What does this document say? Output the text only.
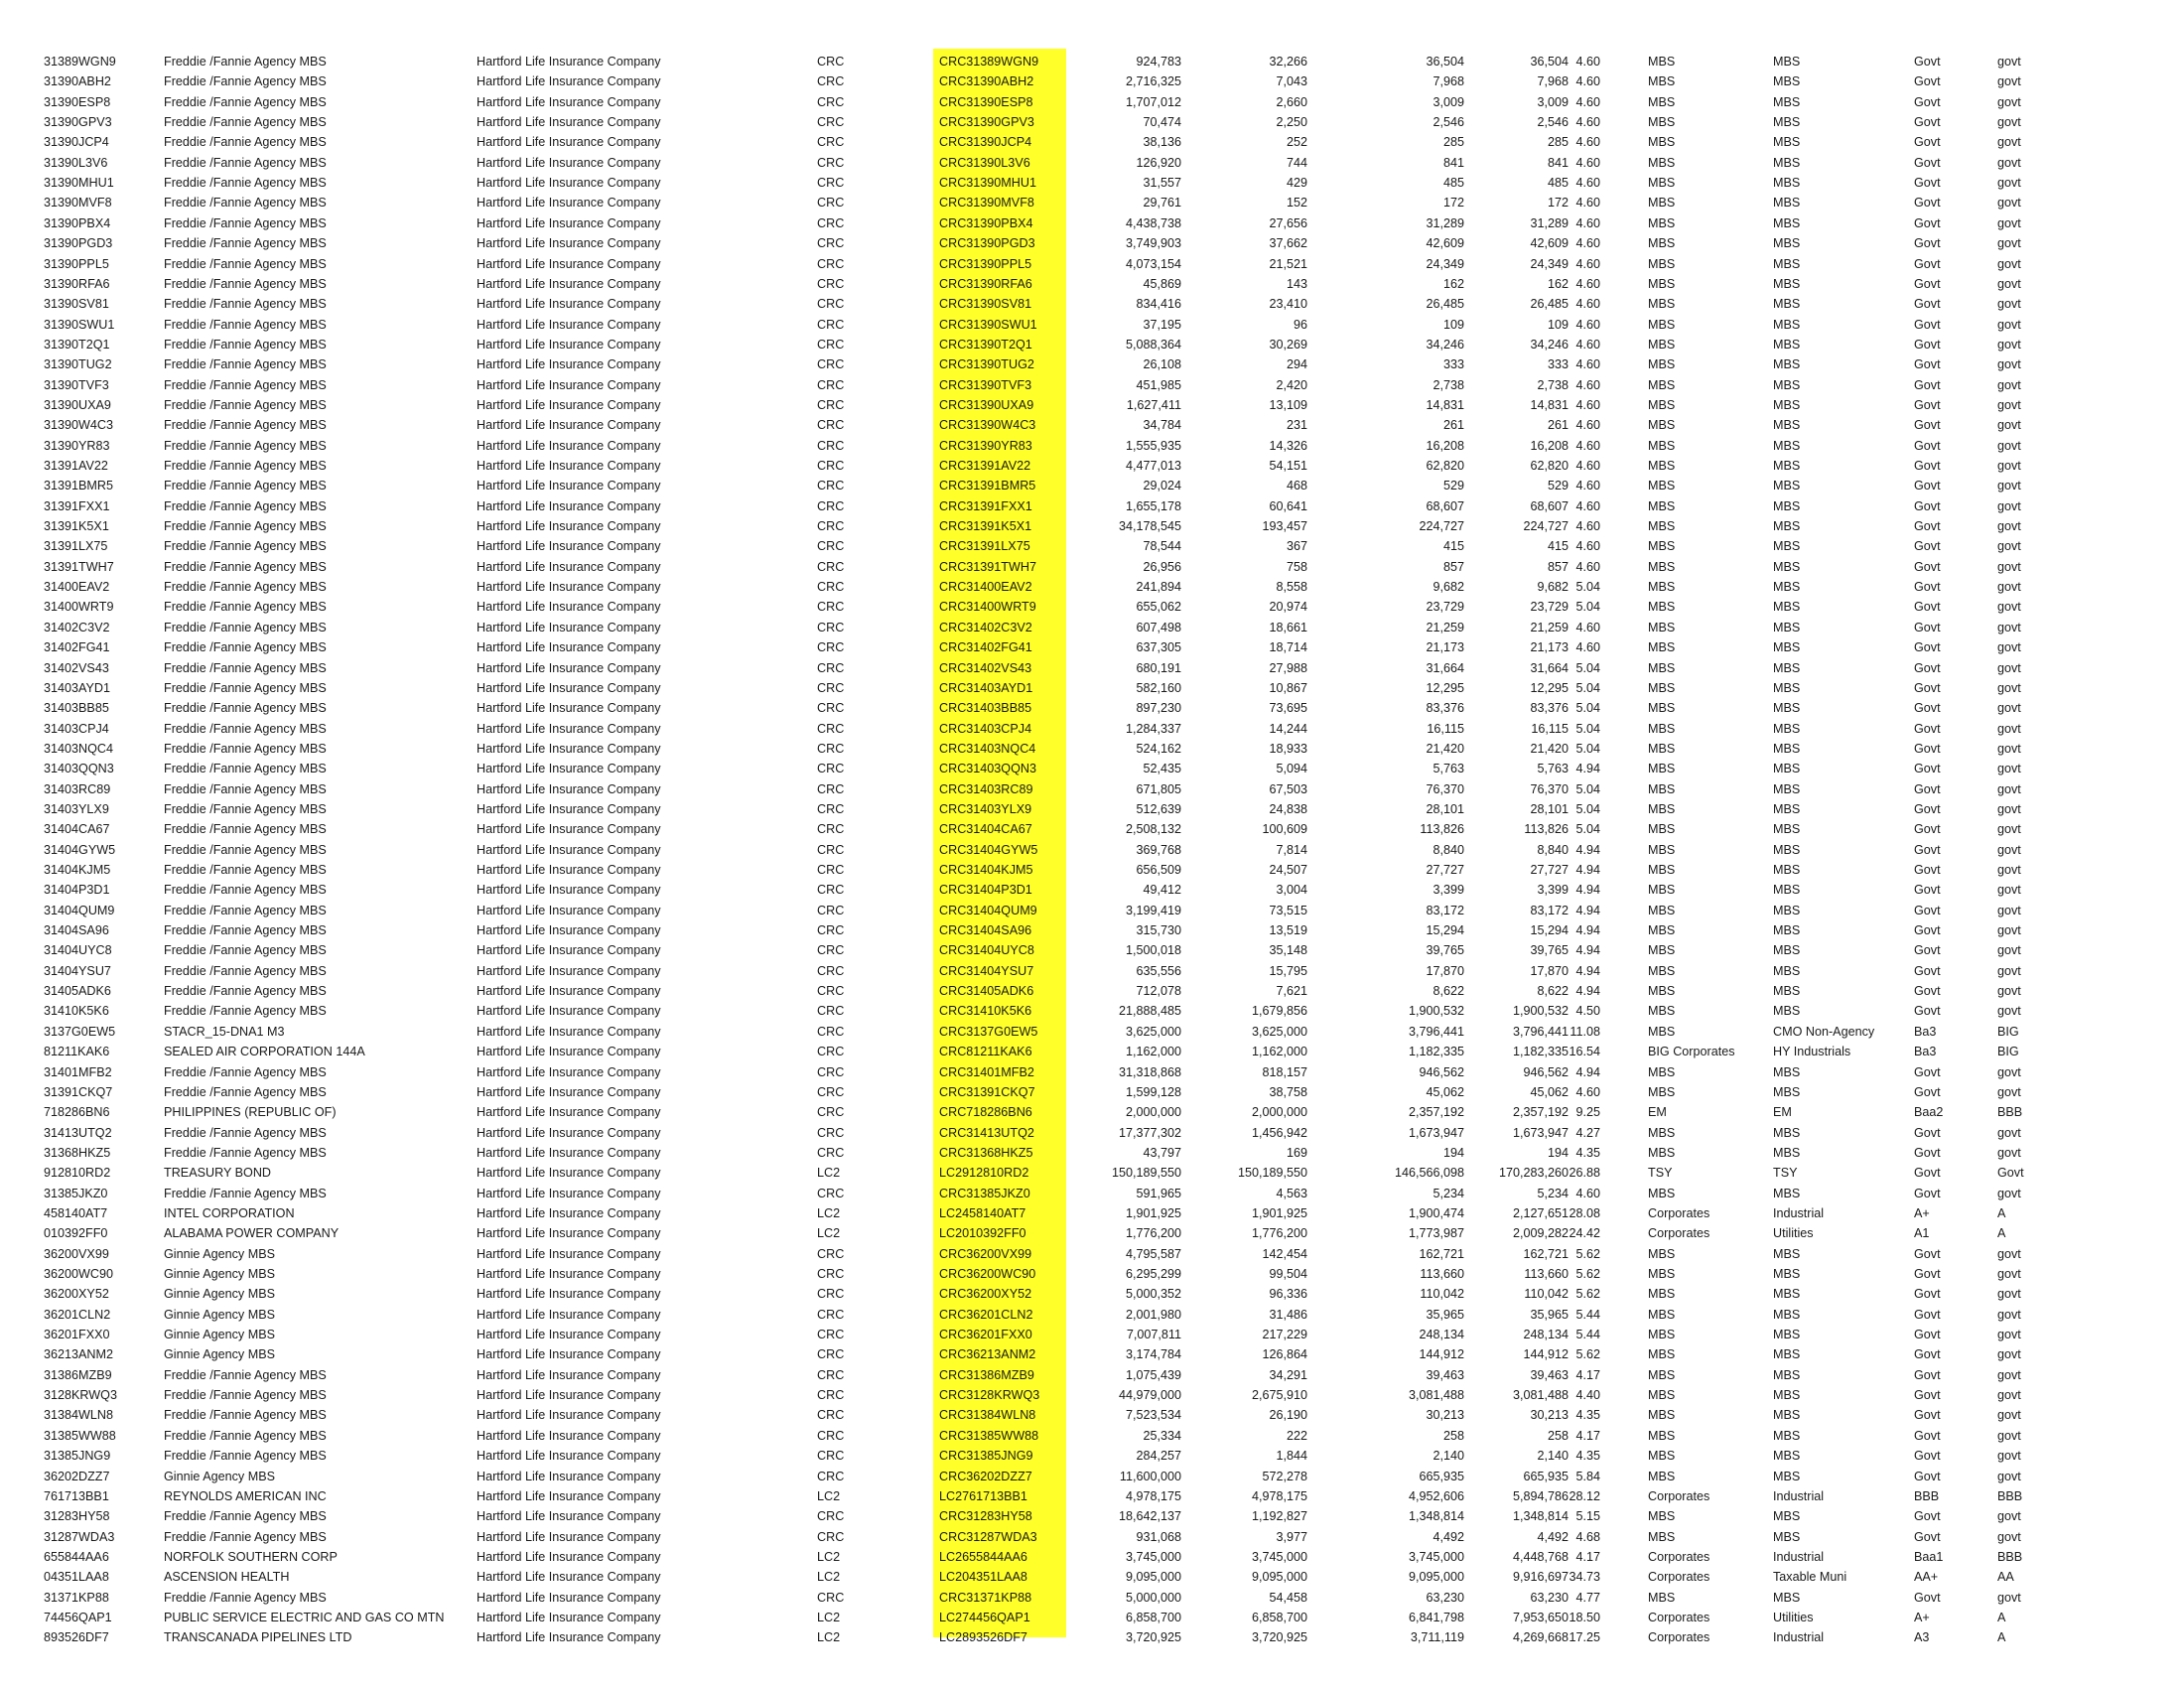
31389WGN9	Freddie /Fannie Agency MBS	Hartford Life Insurance Company	CRC	CRC31389WGN9	924,783	32,266	36,504	36,504 4.60	MBS	MBS	Govt	govt
31390ABH2	Freddie /Fannie Agency MBS	Hartford Life Insurance Company	CRC	CRC31390ABH2	2,716,325	7,043	7,968	7,968 4.60	MBS	MBS	Govt	govt
31390ESP8	Freddie /Fannie Agency MBS	Hartford Life Insurance Company	CRC	CRC31390ESP8	1,707,012	2,660	3,009	3,009 4.60	MBS	MBS	Govt	govt
31390GPV3	Freddie /Fannie Agency MBS	Hartford Life Insurance Company	CRC	CRC31390GPV3	70,474	2,250	2,546	2,546 4.60	MBS	MBS	Govt	govt
31390JCP4	Freddie /Fannie Agency MBS	Hartford Life Insurance Company	CRC	CRC31390JCP4	38,136	252	285	285 4.60	MBS	MBS	Govt	govt
31390L3V6	Freddie /Fannie Agency MBS	Hartford Life Insurance Company	CRC	CRC31390L3V6	126,920	744	841	841 4.60	MBS	MBS	Govt	govt
31390MHU1	Freddie /Fannie Agency MBS	Hartford Life Insurance Company	CRC	CRC31390MHU1	31,557	429	485	485 4.60	MBS	MBS	Govt	govt
31390MVF8	Freddie /Fannie Agency MBS	Hartford Life Insurance Company	CRC	CRC31390MVF8	29,761	152	172	172 4.60	MBS	MBS	Govt	govt
31390PBX4	Freddie /Fannie Agency MBS	Hartford Life Insurance Company	CRC	CRC31390PBX4	4,438,738	27,656	31,289	31,289 4.60	MBS	MBS	Govt	govt
31390PGD3	Freddie /Fannie Agency MBS	Hartford Life Insurance Company	CRC	CRC31390PGD3	3,749,903	37,662	42,609	42,609 4.60	MBS	MBS	Govt	govt
31390PPL5	Freddie /Fannie Agency MBS	Hartford Life Insurance Company	CRC	CRC31390PPL5	4,073,154	21,521	24,349	24,349 4.60	MBS	MBS	Govt	govt
31390RFA6	Freddie /Fannie Agency MBS	Hartford Life Insurance Company	CRC	CRC31390RFA6	45,869	143	162	162 4.60	MBS	MBS	Govt	govt
31390SV81	Freddie /Fannie Agency MBS	Hartford Life Insurance Company	CRC	CRC31390SV81	834,416	23,410	26,485	26,485 4.60	MBS	MBS	Govt	govt
31390SWU1	Freddie /Fannie Agency MBS	Hartford Life Insurance Company	CRC	CRC31390SWU1	37,195	96	109	109 4.60	MBS	MBS	Govt	govt
31390T2Q1	Freddie /Fannie Agency MBS	Hartford Life Insurance Company	CRC	CRC31390T2Q1	5,088,364	30,269	34,246	34,246 4.60	MBS	MBS	Govt	govt
31390TUG2	Freddie /Fannie Agency MBS	Hartford Life Insurance Company	CRC	CRC31390TUG2	26,108	294	333	333 4.60	MBS	MBS	Govt	govt
31390TVF3	Freddie /Fannie Agency MBS	Hartford Life Insurance Company	CRC	CRC31390TVF3	451,985	2,420	2,738	2,738 4.60	MBS	MBS	Govt	govt
31390UXA9	Freddie /Fannie Agency MBS	Hartford Life Insurance Company	CRC	CRC31390UXA9	1,627,411	13,109	14,831	14,831 4.60	MBS	MBS	Govt	govt
31390W4C3	Freddie /Fannie Agency MBS	Hartford Life Insurance Company	CRC	CRC31390W4C3	34,784	231	261	261 4.60	MBS	MBS	Govt	govt
31390YR83	Freddie /Fannie Agency MBS	Hartford Life Insurance Company	CRC	CRC31390YR83	1,555,935	14,326	16,208	16,208 4.60	MBS	MBS	Govt	govt
31391AV22	Freddie /Fannie Agency MBS	Hartford Life Insurance Company	CRC	CRC31391AV22	4,477,013	54,151	62,820	62,820 4.60	MBS	MBS	Govt	govt
31391BMR5	Freddie /Fannie Agency MBS	Hartford Life Insurance Company	CRC	CRC31391BMR5	29,024	468	529	529 4.60	MBS	MBS	Govt	govt
31391FXX1	Freddie /Fannie Agency MBS	Hartford Life Insurance Company	CRC	CRC31391FXX1	1,655,178	60,641	68,607	68,607 4.60	MBS	MBS	Govt	govt
31391K5X1	Freddie /Fannie Agency MBS	Hartford Life Insurance Company	CRC	CRC31391K5X1	34,178,545	193,457	224,727	224,727 4.60	MBS	MBS	Govt	govt
31391LX75	Freddie /Fannie Agency MBS	Hartford Life Insurance Company	CRC	CRC31391LX75	78,544	367	415	415 4.60	MBS	MBS	Govt	govt
31391TWH7	Freddie /Fannie Agency MBS	Hartford Life Insurance Company	CRC	CRC31391TWH7	26,956	758	857	857 4.60	MBS	MBS	Govt	govt
31400EAV2	Freddie /Fannie Agency MBS	Hartford Life Insurance Company	CRC	CRC31400EAV2	241,894	8,558	9,682	9,682 5.04	MBS	MBS	Govt	govt
31400WRT9	Freddie /Fannie Agency MBS	Hartford Life Insurance Company	CRC	CRC31400WRT9	655,062	20,974	23,729	23,729 5.04	MBS	MBS	Govt	govt
31402C3V2	Freddie /Fannie Agency MBS	Hartford Life Insurance Company	CRC	CRC31402C3V2	607,498	18,661	21,259	21,259 4.60	MBS	MBS	Govt	govt
31402FG41	Freddie /Fannie Agency MBS	Hartford Life Insurance Company	CRC	CRC31402FG41	637,305	18,714	21,173	21,173 4.60	MBS	MBS	Govt	govt
31402VS43	Freddie /Fannie Agency MBS	Hartford Life Insurance Company	CRC	CRC31402VS43	680,191	27,988	31,664	31,664 5.04	MBS	MBS	Govt	govt
31403AYD1	Freddie /Fannie Agency MBS	Hartford Life Insurance Company	CRC	CRC31403AYD1	582,160	10,867	12,295	12,295 5.04	MBS	MBS	Govt	govt
31403BB85	Freddie /Fannie Agency MBS	Hartford Life Insurance Company	CRC	CRC31403BB85	897,230	73,695	83,376	83,376 5.04	MBS	MBS	Govt	govt
31403CPJ4	Freddie /Fannie Agency MBS	Hartford Life Insurance Company	CRC	CRC31403CPJ4	1,284,337	14,244	16,115	16,115 5.04	MBS	MBS	Govt	govt
31403NQC4	Freddie /Fannie Agency MBS	Hartford Life Insurance Company	CRC	CRC31403NQC4	524,162	18,933	21,420	21,420 5.04	MBS	MBS	Govt	govt
31403QQN3	Freddie /Fannie Agency MBS	Hartford Life Insurance Company	CRC	CRC31403QQN3	52,435	5,094	5,763	5,763 4.94	MBS	MBS	Govt	govt
31403RC89	Freddie /Fannie Agency MBS	Hartford Life Insurance Company	CRC	CRC31403RC89	671,805	67,503	76,370	76,370 5.04	MBS	MBS	Govt	govt
31403YLX9	Freddie /Fannie Agency MBS	Hartford Life Insurance Company	CRC	CRC31403YLX9	512,639	24,838	28,101	28,101 5.04	MBS	MBS	Govt	govt
31404CA67	Freddie /Fannie Agency MBS	Hartford Life Insurance Company	CRC	CRC31404CA67	2,508,132	100,609	113,826	113,826 5.04	MBS	MBS	Govt	govt
31404GYW5	Freddie /Fannie Agency MBS	Hartford Life Insurance Company	CRC	CRC31404GYW5	369,768	7,814	8,840	8,840 4.94	MBS	MBS	Govt	govt
31404KJM5	Freddie /Fannie Agency MBS	Hartford Life Insurance Company	CRC	CRC31404KJM5	656,509	24,507	27,727	27,727 4.94	MBS	MBS	Govt	govt
31404P3D1	Freddie /Fannie Agency MBS	Hartford Life Insurance Company	CRC	CRC31404P3D1	49,412	3,004	3,399	3,399 4.94	MBS	MBS	Govt	govt
31404QUM9	Freddie /Fannie Agency MBS	Hartford Life Insurance Company	CRC	CRC31404QUM9	3,199,419	73,515	83,172	83,172 4.94	MBS	MBS	Govt	govt
31404SA96	Freddie /Fannie Agency MBS	Hartford Life Insurance Company	CRC	CRC31404SA96	315,730	13,519	15,294	15,294 4.94	MBS	MBS	Govt	govt
31404UYC8	Freddie /Fannie Agency MBS	Hartford Life Insurance Company	CRC	CRC31404UYC8	1,500,018	35,148	39,765	39,765 4.94	MBS	MBS	Govt	govt
31404YSU7	Freddie /Fannie Agency MBS	Hartford Life Insurance Company	CRC	CRC31404YSU7	635,556	15,795	17,870	17,870 4.94	MBS	MBS	Govt	govt
31405ADK6	Freddie /Fannie Agency MBS	Hartford Life Insurance Company	CRC	CRC31405ADK6	712,078	7,621	8,622	8,622 4.94	MBS	MBS	Govt	govt
31410K5K6	Freddie /Fannie Agency MBS	Hartford Life Insurance Company	CRC	CRC31410K5K6	21,888,485	1,679,856	1,900,532	1,900,532 4.50	MBS	MBS	Govt	govt
3137G0EW5	STACR_15-DNA1 M3	Hartford Life Insurance Company	CRC	CRC3137G0EW5	3,625,000	3,625,000	3,796,441	3,796,441 11.08	MBS	CMO Non-Agency	Ba3	BIG
81211KAK6	SEALED AIR CORPORATION 144A	Hartford Life Insurance Company	CRC	CRC81211KAK6	1,162,000	1,162,000	1,182,335	1,182,335 16.54	BIG Corporates	HY Industrials	Ba3	BIG
31401MFB2	Freddie /Fannie Agency MBS	Hartford Life Insurance Company	CRC	CRC31401MFB2	31,318,868	818,157	946,562	946,562 4.94	MBS	MBS	Govt	govt
31391CKQ7	Freddie /Fannie Agency MBS	Hartford Life Insurance Company	CRC	CRC31391CKQ7	1,599,128	38,758	45,062	45,062 4.60	MBS	MBS	Govt	govt
718286BN6	PHILIPPINES (REPUBLIC OF)	Hartford Life Insurance Company	CRC	CRC718286BN6	2,000,000	2,000,000	2,357,192	2,357,192 9.25	EM	EM	Baa2	BBB
31413UTQ2	Freddie /Fannie Agency MBS	Hartford Life Insurance Company	CRC	CRC31413UTQ2	17,377,302	1,456,942	1,673,947	1,673,947 4.27	MBS	MBS	Govt	govt
31368HKZ5	Freddie /Fannie Agency MBS	Hartford Life Insurance Company	CRC	CRC31368HKZ5	43,797	169	194	194 4.35	MBS	MBS	Govt	govt
912810RD2	TREASURY BOND	Hartford Life Insurance Company	LC2	LC2912810RD2	150,189,550	150,189,550	146,566,098	170,283,260 26.88	TSY	TSY	Govt	Govt
31385JKZ0	Freddie /Fannie Agency MBS	Hartford Life Insurance Company	CRC	CRC31385JKZ0	591,965	4,563	5,234	5,234 4.60	MBS	MBS	Govt	govt
458140AT7	INTEL CORPORATION	Hartford Life Insurance Company	LC2	LC2458140AT7	1,901,925	1,901,925	1,900,474	2,127,651 28.08	Corporates	Industrial	A+	A
010392FF0	ALABAMA POWER COMPANY	Hartford Life Insurance Company	LC2	LC2010392FF0	1,776,200	1,776,200	1,773,987	2,009,282 24.42	Corporates	Utilities	A1	A
36200VX99	Ginnie Agency MBS	Hartford Life Insurance Company	CRC	CRC36200VX99	4,795,587	142,454	162,721	162,721 5.62	MBS	MBS	Govt	govt
36200WC90	Ginnie Agency MBS	Hartford Life Insurance Company	CRC	CRC36200WC90	6,295,299	99,504	113,660	113,660 5.62	MBS	MBS	Govt	govt
36200XY52	Ginnie Agency MBS	Hartford Life Insurance Company	CRC	CRC36200XY52	5,000,352	96,336	110,042	110,042 5.62	MBS	MBS	Govt	govt
36201CLN2	Ginnie Agency MBS	Hartford Life Insurance Company	CRC	CRC36201CLN2	2,001,980	31,486	35,965	35,965 5.44	MBS	MBS	Govt	govt
36201FXX0	Ginnie Agency MBS	Hartford Life Insurance Company	CRC	CRC36201FXX0	7,007,811	217,229	248,134	248,134 5.44	MBS	MBS	Govt	govt
36213ANM2	Ginnie Agency MBS	Hartford Life Insurance Company	CRC	CRC36213ANM2	3,174,784	126,864	144,912	144,912 5.62	MBS	MBS	Govt	govt
31386MZB9	Freddie /Fannie Agency MBS	Hartford Life Insurance Company	CRC	CRC31386MZB9	1,075,439	34,291	39,463	39,463 4.17	MBS	MBS	Govt	govt
3128KRWQ3	Freddie /Fannie Agency MBS	Hartford Life Insurance Company	CRC	CRC3128KRWQ3	44,979,000	2,675,910	3,081,488	3,081,488 4.40	MBS	MBS	Govt	govt
31384WLN8	Freddie /Fannie Agency MBS	Hartford Life Insurance Company	CRC	CRC31384WLN8	7,523,534	26,190	30,213	30,213 4.35	MBS	MBS	Govt	govt
31385WW88	Freddie /Fannie Agency MBS	Hartford Life Insurance Company	CRC	CRC31385WW88	25,334	222	258	258 4.17	MBS	MBS	Govt	govt
31385JNG9	Freddie /Fannie Agency MBS	Hartford Life Insurance Company	CRC	CRC31385JNG9	284,257	1,844	2,140	2,140 4.35	MBS	MBS	Govt	govt
36202DZZ7	Ginnie Agency MBS	Hartford Life Insurance Company	CRC	CRC36202DZZ7	11,600,000	572,278	665,935	665,935 5.84	MBS	MBS	Govt	govt
761713BB1	REYNOLDS AMERICAN INC	Hartford Life Insurance Company	LC2	LC2761713BB1	4,978,175	4,978,175	4,952,606	5,894,786 28.12	Corporates	Industrial	BBB	BBB
31283HY58	Freddie /Fannie Agency MBS	Hartford Life Insurance Company	CRC	CRC31283HY58	18,642,137	1,192,827	1,348,814	1,348,814 5.15	MBS	MBS	Govt	govt
31287WDA3	Freddie /Fannie Agency MBS	Hartford Life Insurance Company	CRC	CRC31287WDA3	931,068	3,977	4,492	4,492 4.68	MBS	MBS	Govt	govt
655844AA6	NORFOLK SOUTHERN CORP	Hartford Life Insurance Company	LC2	LC2655844AA6	3,745,000	3,745,000	3,745,000	4,448,768 4.17	Corporates	Industrial	Baa1	BBB
04351LAA8	ASCENSION HEALTH	Hartford Life Insurance Company	LC2	LC204351LAA8	9,095,000	9,095,000	9,095,000	9,916,697 34.73	Corporates	Taxable Muni	AA+	AA
31371KP88	Freddie /Fannie Agency MBS	Hartford Life Insurance Company	CRC	CRC31371KP88	5,000,000	54,458	63,230	63,230 4.77	MBS	MBS	Govt	govt
74456QAP1	PUBLIC SERVICE ELECTRIC AND GAS CO MTN	Hartford Life Insurance Company	LC2	LC274456QAP1	6,858,700	6,858,700	6,841,798	7,953,650 18.50	Corporates	Utilities	A+	A
893526DF7	TRANSCANADA PIPELINES LTD	Hartford Life Insurance Company	LC2	LC2893526DF7	3,720,925	3,720,925	3,711,119	4,269,668 17.25	Corporates	Industrial	A3	A
